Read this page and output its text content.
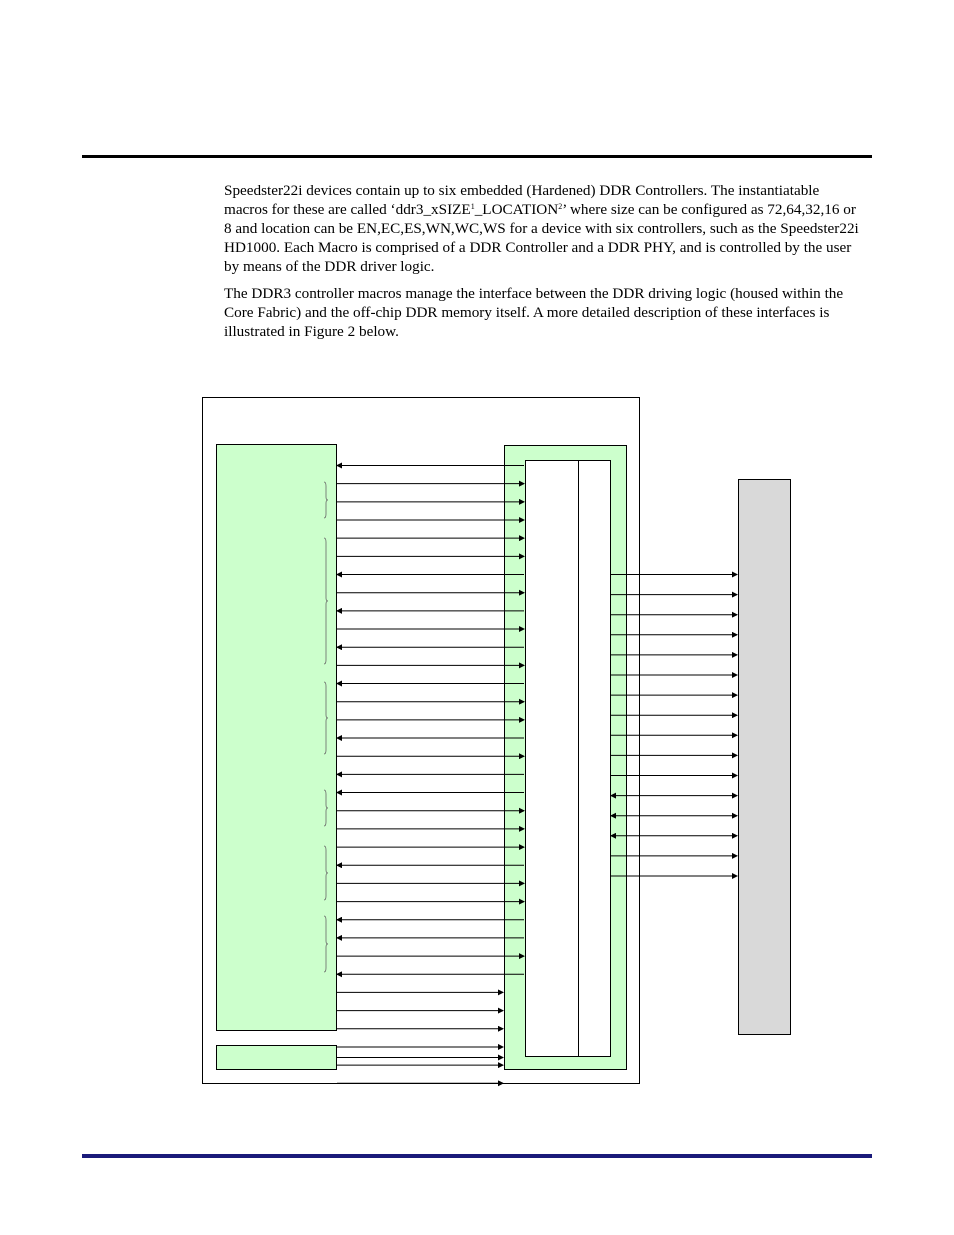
Speedster22i devices contain up to six embedded (Hardened) DDR Controllers. The instantiatable macros for these are called ‘ddr3_xSIZE$^1$_LOCATION$^2$’ where size can be configured as 72,64,32,16 or 8 and location can be EN,EC,ES,WN,WC,WS for a device with six controllers, such as the Speedster22i HD1000. Each Macro is comprised of a DDR Controller and a DDR PHY, and is controlled by the user by means of the DDR driver logic.

The DDR3 controller macros manage the interface between the DDR driving logic (housed within the Core Fabric) and the off-chip DDR memory itself. A more detailed description of these interfaces is illustrated in Figure 2 below.
